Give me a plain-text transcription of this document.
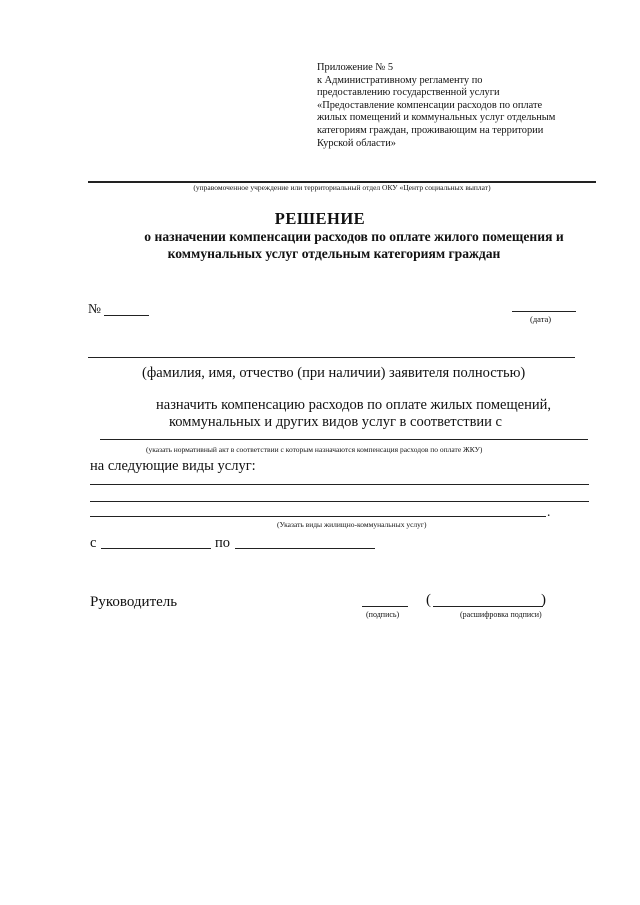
Приложение № 5
к Административному регламенту по
предоставлению государственной услуги
«Предоставление компенсации расходов по оплате
жилых помещений и коммунальных услуг отдельным
категориям граждан, проживающим на территории
Курской области»
(управомоченное учреждение или территориальный отдел ОКУ «Центр социальных выплат)
РЕШЕНИЕ
о назначении компенсации расходов по оплате жилого помещения и
коммунальных услуг отдельным категориям граждан
№
(дата)
(фамилия, имя, отчество (при наличии) заявителя полностью)
назначить компенсацию расходов по оплате жилых помещений,
коммунальных и других видов услуг в соответствии с
(указать нормативный акт в соответствии с которым назначаются компенсация расходов по оплате ЖКУ)
на следующие виды услуг:
.
(Указать виды жилищно-коммунальных услуг)
с	по
Руководитель
(подпись)
(	)
(расшифровка подписи)
